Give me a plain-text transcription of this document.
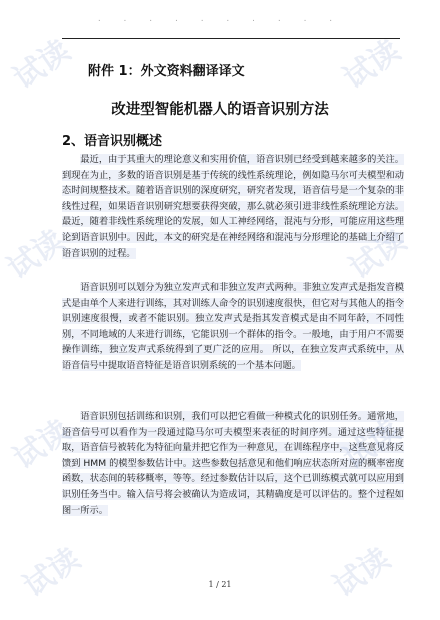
. . . . . . . . . .
附件 1：外文资料翻译译文
改进型智能机器人的语音识别方法
2、语音识别概述

最近，由于其重大的理论意义和实用价值，语音识别已经受到越来越多的关注。到现在为止，多数的语音识别是基于传统的线性系统理论，例如隐马尔可夫模型和动态时间规整技术。随着语音识别的深度研究，研究者发现，语音信号是一个复杂的非线性过程，如果语音识别研究想要获得突破，那么就必须引进非线性系统理论方法。最近，随着非线性系统理论的发展，如人工神经网络，混沌与分形，可能应用这些理论到语音识别中。因此，本文的研究是在神经网络和混沌与分形理论的基础上介绍了语音识别的过程。

语音识别可以划分为独立发声式和非独立发声式两种。非独立发声式是指发音模式是由单个人来进行训练，其对训练人命令的识别速度很快，但它对与其他人的指令识别速度很慢，或者不能识别。独立发声式是指其发音模式是由不同年龄，不同性别，不同地域的人来进行训练，它能识别一个群体的指令。一般地，由于用户不需要操作训练，独立发声式系统得到了更广泛的应用。 所以，在独立发声式系统中，从语音信号中提取语音特征是语音识别系统的一个基本问题。

语音识别包括训练和识别，我们可以把它看做一种模式化的识别任务。通常地，语音信号可以看作为一段通过隐马尔可夫模型来表征的时间序列。通过这些特征提取，语音信号被转化为特征向量并把它作为一种意见，在训练程序中，这些意见将反馈到 HMM 的模型参数估计中。这些参数包括意见和他们响应状态所对应的概率密度函数，状态间的转移概率，等等。经过参数估计以后，这个已训练模式就可以应用到识别任务当中。输入信号将会被确认为造成词，其精确度是可以评估的。整个过程如图一所示。

1 / 21
试读	试读
试读	试读
试读
试读	试读
